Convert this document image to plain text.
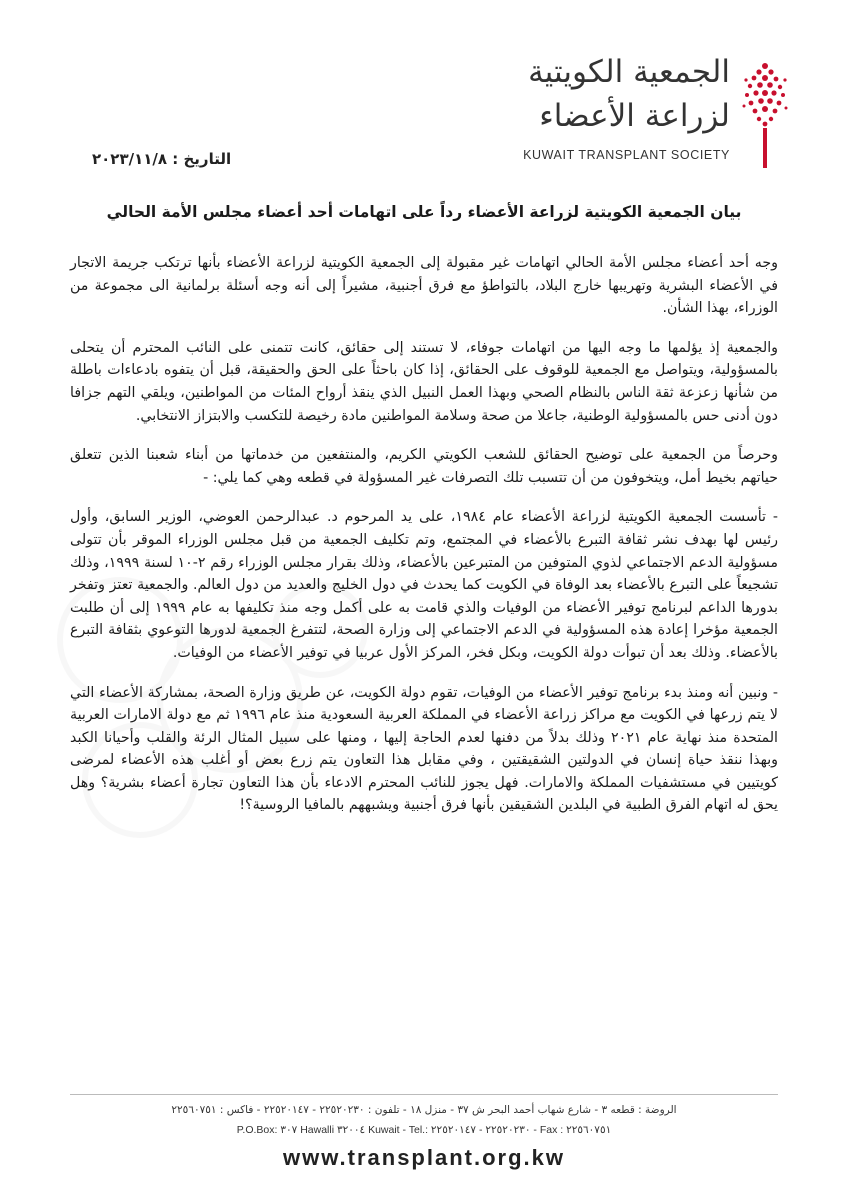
الجمعية الكويتية
لزراعة الأعضاء
KUWAIT TRANSPLANT SOCIETY
التاريخ : ٢٠٢٣/١١/٨
بيان الجمعية الكويتية لزراعة الأعضاء رداً على اتهامات أحد أعضاء مجلس الأمة الحالي

وجه أحد أعضاء مجلس الأمة الحالي اتهامات غير مقبولة إلى الجمعية الكويتية لزراعة الأعضاء بأنها ترتكب جريمة الاتجار في الأعضاء البشرية وتهريبها خارج البلاد، بالتواطؤ مع فرق أجنبية، مشيراً إلى أنه وجه أسئلة برلمانية الى مجموعة من الوزراء، بهذا الشأن.

والجمعية إذ يؤلمها ما وجه اليها من اتهامات جوفاء، لا تستند إلى حقائق، كانت تتمنى على النائب المحترم أن يتحلى بالمسؤولية، ويتواصل مع الجمعية للوقوف على الحقائق، إذا كان باحثاً على الحق والحقيقة، قبل أن يتفوه بادعاءات باطلة من شأنها زعزعة ثقة الناس بالنظام الصحي وبهذا العمل النبيل الذي ينقذ أرواح المئات من المواطنين، ويلقي التهم جزافا دون أدنى حس بالمسؤولية الوطنية، جاعلا من صحة وسلامة المواطنين مادة رخيصة للتكسب والابتزاز الانتخابي.

وحرصاً من الجمعية على توضيح الحقائق للشعب الكويتي الكريم، والمنتفعين من خدماتها من أبناء شعبنا الذين تتعلق حياتهم بخيط أمل، ويتخوفون من أن تتسبب تلك التصرفات غير المسؤولة في قطعه وهي كما يلي: -

- تأسست الجمعية الكويتية لزراعة الأعضاء عام ١٩٨٤، على يد المرحوم د. عبدالرحمن العوضي، الوزير السابق، وأول رئيس لها بهدف نشر ثقافة التبرع بالأعضاء في المجتمع، وتم تكليف الجمعية من قبل مجلس الوزراء الموقر بأن تتولى مسؤولية الدعم الاجتماعي لذوي المتوفين من المتبرعين بالأعضاء، وذلك بقرار مجلس الوزراء رقم ٢-١٠ لسنة ١٩٩٩، وذلك تشجيعاً على التبرع بالأعضاء بعد الوفاة في الكويت كما يحدث في دول الخليج والعديد من دول العالم. والجمعية تعتز وتفخر بدورها الداعم لبرنامج توفير الأعضاء من الوفيات والذي قامت به على أكمل وجه منذ تكليفها به عام ١٩٩٩ إلى أن طلبت الجمعية مؤخرا إعادة هذه المسؤولية في الدعم الاجتماعي إلى وزارة الصحة، لتتفرغ الجمعية لدورها التوعوي بثقافة التبرع بالأعضاء. وذلك بعد أن تبوأت دولة الكويت، وبكل فخر، المركز الأول عربيا في توفير الأعضاء من الوفيات.

- ونبين أنه ومنذ بدء برنامج توفير الأعضاء من الوفيات، تقوم دولة الكويت، عن طريق وزارة الصحة، بمشاركة الأعضاء التي لا يتم زرعها في الكويت مع مراكز زراعة الأعضاء في المملكة العربية السعودية منذ عام ١٩٩٦ ثم مع دولة الامارات العربية المتحدة منذ نهاية عام ٢٠٢١ وذلك بدلاً من دفنها لعدم الحاجة إليها ، ومنها على سبيل المثال الرئة والقلب وأحيانا الكبد وبهذا ننقذ حياة إنسان في الدولتين الشقيقتين ، وفي مقابل هذا التعاون يتم زرع بعض أو أغلب هذه الأعضاء لمرضى كويتيين في مستشفيات المملكة والامارات. فهل يجوز للنائب المحترم الادعاء بأن هذا التعاون تجارة أعضاء بشرية؟ وهل يحق له اتهام الفرق الطبية في البلدين الشقيقين بأنها فرق أجنبية ويشبههم بالمافيا الروسية؟!

الروضة : قطعه ٣ - شارع شهاب أحمد البحر ش ٣٧ - منزل ١٨ - تلفون : ٢٢٥٢٠٢٣٠ - ٢٢٥٢٠١٤٧ - فاكس : ٢٢٥٦٠٧٥١
P.O.Box: ٣٠٧ Hawalli ٣٢٠٠٤ Kuwait - Tel.: ٢٢٥٢٠٢٣٠ - ٢٢٥٢٠١٤٧ - Fax : ٢٢٥٦٠٧٥١
www.transplant.org.kw
